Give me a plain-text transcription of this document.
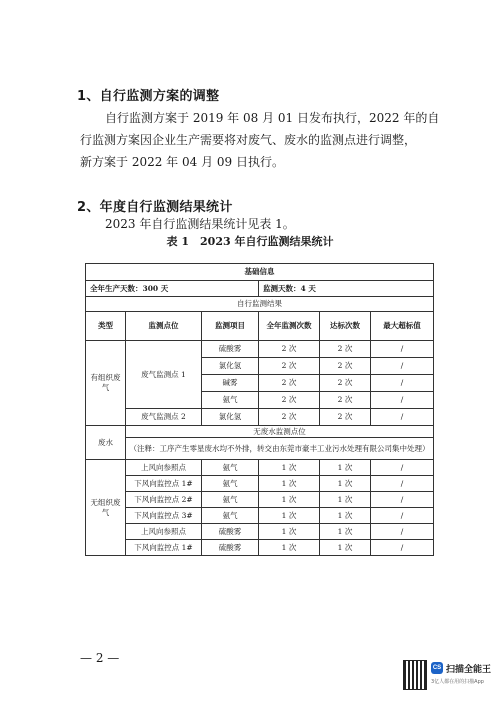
1、自行监测方案的调整
自行监测方案于 2019 年 08 月 01 日发布执行，2022 年的自
行监测方案因企业生产需要将对废气、废水的监测点进行调整，
新方案于 2022 年 04 月 09 日执行。
2、年度自行监测结果统计
2023 年自行监测结果统计见表 1。
表 1　2023 年自行监测结果统计
基础信息					
全年生产天数：300 天			监测天数：4 天		
自行监测结果					
类型	监测点位	监测项目	全年监测次数	达标次数	最大超标值
有组织废气	废气监测点 1	硫酸雾	2 次	2 次	/
		氯化氢	2 次	2 次	/
		碱雾	2 次	2 次	/
		氨气	2 次	2 次	/
	废气监测点 2	氯化氢	2 次	2 次	/
废水	无废水监测点位				
	（注释：工序产生零星废水均不外排，转交由东莞市豪丰工业污水处理有限公司集中处理）				
无组织废气	上风向参照点	氨气	1 次	1 次	/
	下风向监控点 1#	氨气	1 次	1 次	/
	下风向监控点 2#	氨气	1 次	1 次	/
	下风向监控点 3#	氨气	1 次	1 次	/
	上风向参照点	硫酸雾	1 次	1 次	/
	下风向监控点 1#	硫酸雾	1 次	1 次	/
— 2 —
CS 扫描全能王
3亿人都在用的扫描App
